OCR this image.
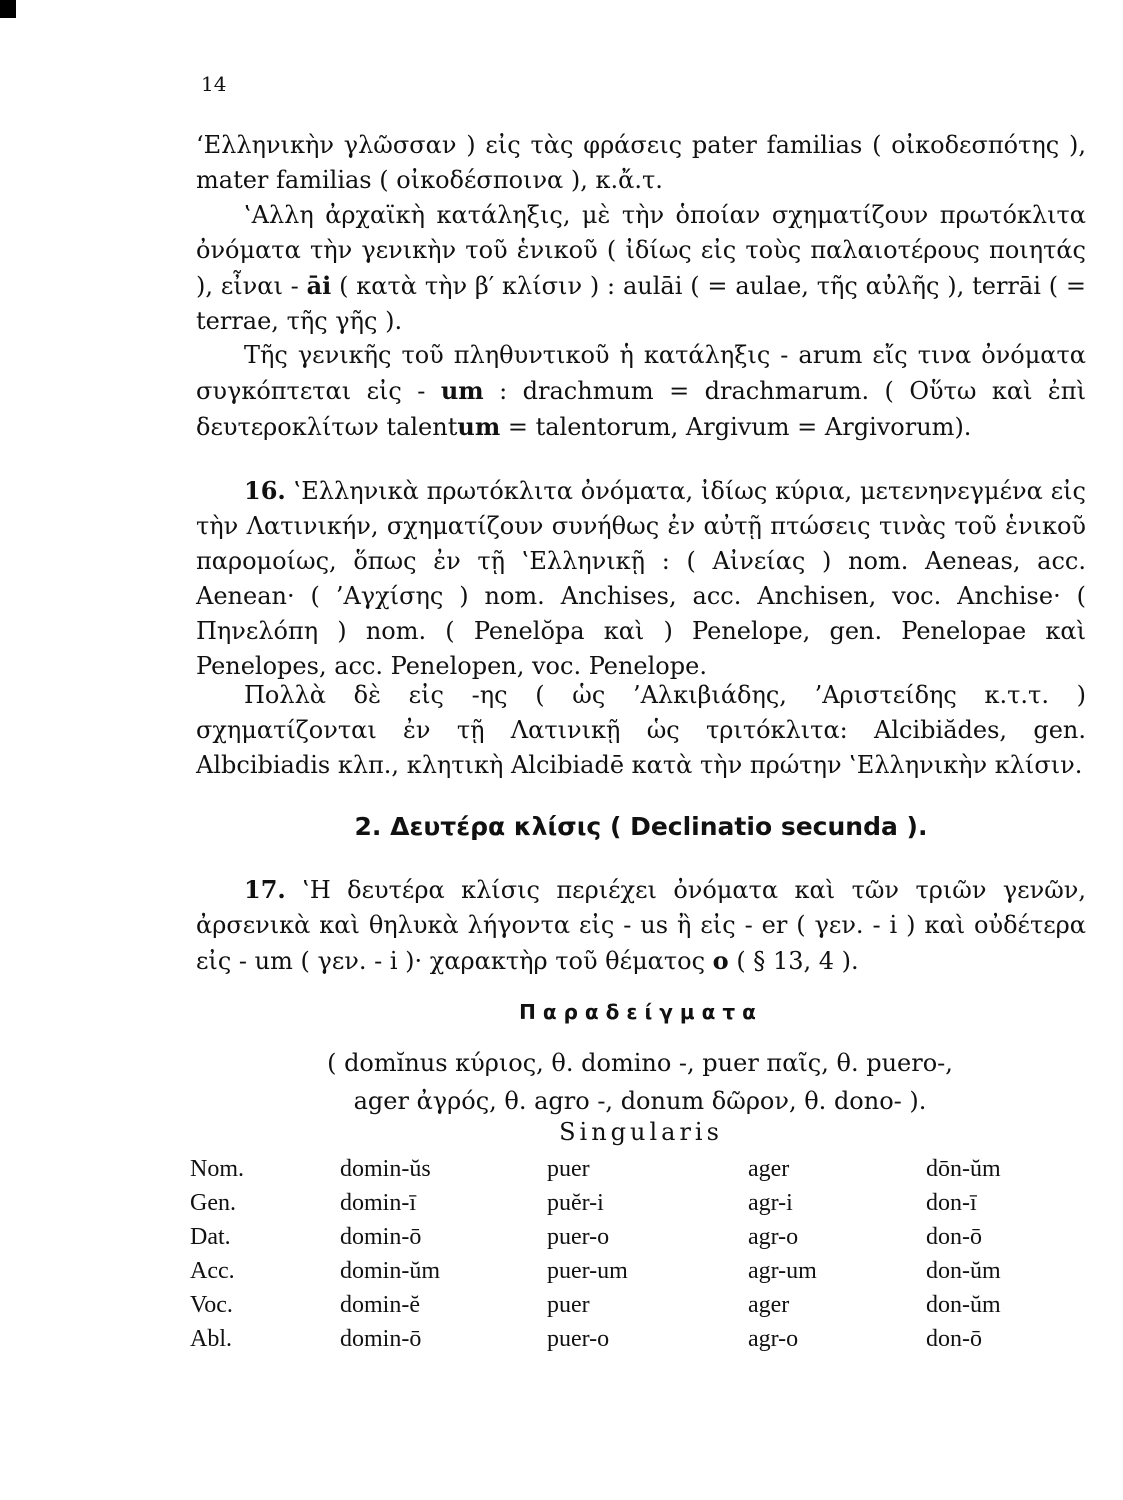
14
‘Ελληνικὴν γλῶσσαν ) εἰς τὰς φράσεις pater familias ( οἰκοδεσπότης ), mater familias ( οἰκοδέσποινα ), κ.ἄ.τ.
‛Αλλη ἀρχαϊκὴ κατάληξις, μὲ τὴν ὁποίαν σχηματίζουν πρωτόκλιτα ὀνόματα τὴν γενικὴν τοῦ ἑνικοῦ ( ἰδίως εἰς τοὺς παλαιοτέρους ποιητάς ), εἶναι - āi ( κατὰ τὴν β′ κλίσιν ) : aulāi ( = aulae, τῆς αὐλῆς ), terrāi ( = terrae, τῆς γῆς ).
Τῆς γενικῆς τοῦ πληθυντικοῦ ἡ κατάληξις - arum εἴς τινα ὀνόματα συγκόπτεται εἰς - um : drachmum = drachmarum. ( Οὕτω καὶ ἐπὶ δευτεροκλίτων talentum = talentorum, Argivum = Argivorum).
16. ‛Ελληνικὰ πρωτόκλιτα ὀνόματα, ἰδίως κύρια, μετενηνεγμένα εἰς τὴν Λατινικήν, σχηματίζουν συνήθως ἐν αὐτῇ πτώσεις τινὰς τοῦ ἑνικοῦ παρομοίως, ὅπως ἐν τῇ ‛Ελληνικῇ : ( Αἰνείας ) nom. Aeneas, acc. Aenean· ( ’Αγχίσης ) nom. Anchises, acc. Anchisen, voc. Anchise· ( Πηνελόπη ) nom. ( Penelŏpa καὶ ) Penelope, gen. Penelopae καὶ Penelopes, acc. Penelopen, voc. Penelope.
Πολλὰ δὲ εἰς -ης ( ὡς ’Αλκιβιάδης, ’Αριστείδης κ.τ.τ. ) σχηματίζονται ἐν τῇ Λατινικῇ ὡς τριτόκλιτα: Alcibiădes, gen. Albcibiadis κλπ., κλητικὴ Alcibiadē κατὰ τὴν πρώτην ‛Ελληνικὴν κλίσιν.
2. Δευτέρα κλίσις ( Declinatio secunda ).
17. ‛Η δευτέρα κλίσις περιέχει ὀνόματα καὶ τῶν τριῶν γενῶν, ἀρσενικὰ καὶ θηλυκὰ λήγοντα εἰς - us ἢ εἰς - er ( γεν. - i ) καὶ οὐδέτερα εἰς - um ( γεν. - i )· χαρακτὴρ τοῦ θέματος o ( § 13, 4 ).
Παραδείγματα
( domĭnus κύριος, θ. domino -, puer παῖς, θ. puero-,
ager ἀγρός, θ. agro -, donum δῶρον, θ. dono- ).
Singularis
Nom.	domin-ŭs	puer	ager	dōn-ŭm
Gen.	domin-ī	puĕr-i	agr-i	don-ī
Dat.	domin-ō	puer-o	agr-o	don-ō
Acc.	domin-ŭm	puer-um	agr-um	don-ŭm
Voc.	domin-ĕ	puer	ager	don-ŭm
Abl.	domin-ō	puer-o	agr-o	don-ō
